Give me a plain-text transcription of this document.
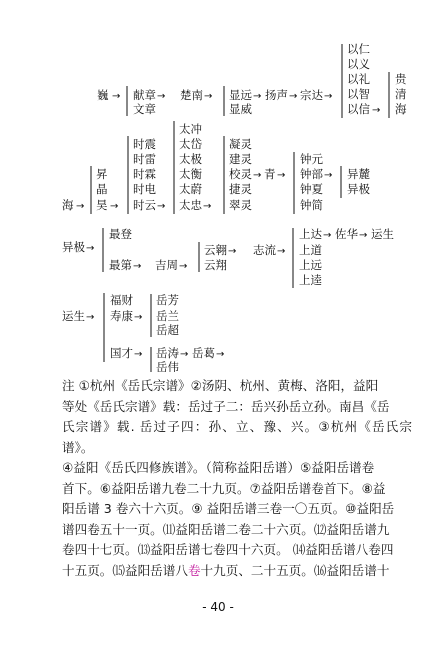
巍 → 献章
文章
→ 楚南 → 显远
显威
→ 扬声 → 宗达 →
以仁
以义
以礼
以智
以信 →
贵
清
海
海 →
昇
晶
昊 →
时震
时雷
时霖
时电
时云 →
太冲
太岱
太极
太衡
太蔚
太忠 →
凝灵
建灵
校灵
捷灵
翠灵
→ 青 →
钟元
钟部
钟夏
钟简
→ 异麓
异极
异极 →
最登
最第 → 吉周 →
云翱
云翔
→ 志流 →
上达 → 佐华 → 运生
上道
上远
上逵
运生 →
福财
寿康 →
岳芳
岳兰
岳超
国才 → 岳涛 → 岳葛 →
岳伟
注 ①杭州《岳氏宗谱》②汤阴、杭州、黄梅、洛阳，益阳
等处《岳氏宗谱》载：岳过子二：岳兴孙岳立孙。南昌《岳
氏宗谱》载. 岳过子四：孙、立、豫、兴。③杭州《岳氏宗谱》。
④益阳《岳氏四修族谱》。（简称益阳岳谱）⑤益阳岳谱卷
首下。⑥益阳岳谱九卷二十九页。⑦益阳岳谱卷首下。⑧益
阳岳谱 3 卷六十六页。⑨ 益阳岳谱三卷一〇五页。⑩益阳岳
谱四卷五十一页。⑾益阳岳谱二卷二十六页。⑿益阳岳谱九
卷四十七页。⒀益阳岳谱七卷四十六页。 ⒁益阳岳谱八卷四
十五页。⒂益阳岳谱八卷十九页、二十五页。⒃益阳岳谱十
- 40 -
